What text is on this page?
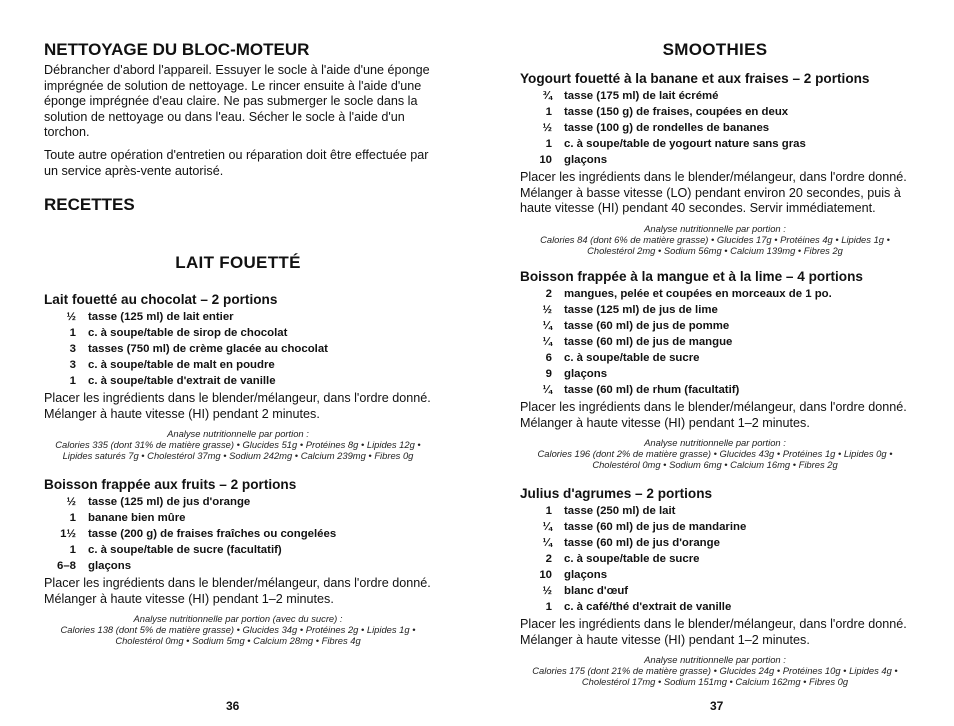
NETTOYAGE DU BLOC-MOTEUR

Débrancher d'abord l'appareil. Essuyer le socle à l'aide d'une éponge imprégnée de solution de nettoyage. Le rincer ensuite à l'aide d'une éponge imprégnée d'eau claire. Ne pas submerger le socle dans la solution de nettoyage ou dans l'eau. Sécher le socle à l'aide d'un torchon.

Toute autre opération d'entretien ou réparation doit être effectuée par un service après-vente autorisé.

RECETTES
LAIT FOUETTÉ
Lait fouetté au chocolat – 2 portions
½	tasse (125 ml) de lait entier
1	c. à soupe/table de sirop de chocolat
3	tasses (750 ml) de crème glacée au chocolat
3	c. à soupe/table de malt en poudre
1	c. à soupe/table d'extrait de vanille

Placer les ingrédients dans le blender/mélangeur, dans l'ordre donné. Mélanger à haute vitesse (HI) pendant 2 minutes.

Analyse nutritionnelle par portion :

Calories 335 (dont 31% de matière grasse) • Glucides 51g • Protéines 8g • Lipides 12g •

Lipides saturés 7g • Cholestérol 37mg • Sodium 242mg • Calcium 239mg • Fibres 0g

Boisson frappée aux fruits – 2 portions
½	tasse (125 ml) de jus d'orange
1	banane bien mûre
1½	tasse (200 g) de fraises fraîches ou congelées
1	c. à soupe/table de sucre (facultatif)
6–8	glaçons

Placer les ingrédients dans le blender/mélangeur, dans l'ordre donné. Mélanger à haute vitesse (HI) pendant 1–2 minutes.

Analyse nutritionnelle par portion (avec du sucre) :

Calories 138 (dont 5% de matière grasse) • Glucides 34g • Protéines 2g • Lipides 1g •

Cholestérol 0mg • Sodium 5mg • Calcium 28mg • Fibres 4g

36
SMOOTHIES
Yogourt fouetté à la banane et aux fraises – 2 portions
¾	tasse (175 ml) de lait écrémé
1	tasse (150 g) de fraises, coupées en deux
½	tasse (100 g) de rondelles de bananes
1	c. à soupe/table de yogourt nature sans gras
10	glaçons

Placer les ingrédients dans le blender/mélangeur, dans l'ordre donné. Mélanger à basse vitesse (LO) pendant environ 20 secondes, puis à haute vitesse (HI) pendant 40 secondes. Servir immédiatement.

Analyse nutritionnelle par portion :

Calories 84 (dont 6% de matière grasse) • Glucides 17g • Protéines 4g • Lipides 1g •

Cholestérol 2mg • Sodium 56mg • Calcium 139mg • Fibres 2g

Boisson frappée à la mangue et à la lime – 4 portions
2	mangues, pelée et coupées en morceaux de 1 po.
½	tasse (125 ml) de jus de lime
¼	tasse (60 ml) de jus de pomme
¼	tasse (60 ml) de jus de mangue
6	c. à soupe/table de sucre
9	glaçons
¼	tasse (60 ml) de rhum (facultatif)

Placer les ingrédients dans le blender/mélangeur, dans l'ordre donné. Mélanger à haute vitesse (HI) pendant 1–2 minutes.

Analyse nutritionnelle par portion :

Calories 196 (dont 2% de matière grasse) • Glucides 43g • Protéines 1g • Lipides 0g •

Cholestérol 0mg • Sodium 6mg • Calcium 16mg • Fibres 2g

Julius d'agrumes – 2 portions
1	tasse (250 ml) de lait
¼	tasse (60 ml) de jus de mandarine
¼	tasse (60 ml) de jus d'orange
2	c. à soupe/table de sucre
10	glaçons
½	blanc d'œuf
1	c. à café/thé d'extrait de vanille

Placer les ingrédients dans le blender/mélangeur, dans l'ordre donné. Mélanger à haute vitesse (HI) pendant 1–2 minutes.

Analyse nutritionnelle par portion :

Calories 175 (dont 21% de matière grasse) • Glucides 24g • Protéines 10g • Lipides 4g •

Cholestérol 17mg • Sodium 151mg • Calcium 162mg • Fibres 0g

37
